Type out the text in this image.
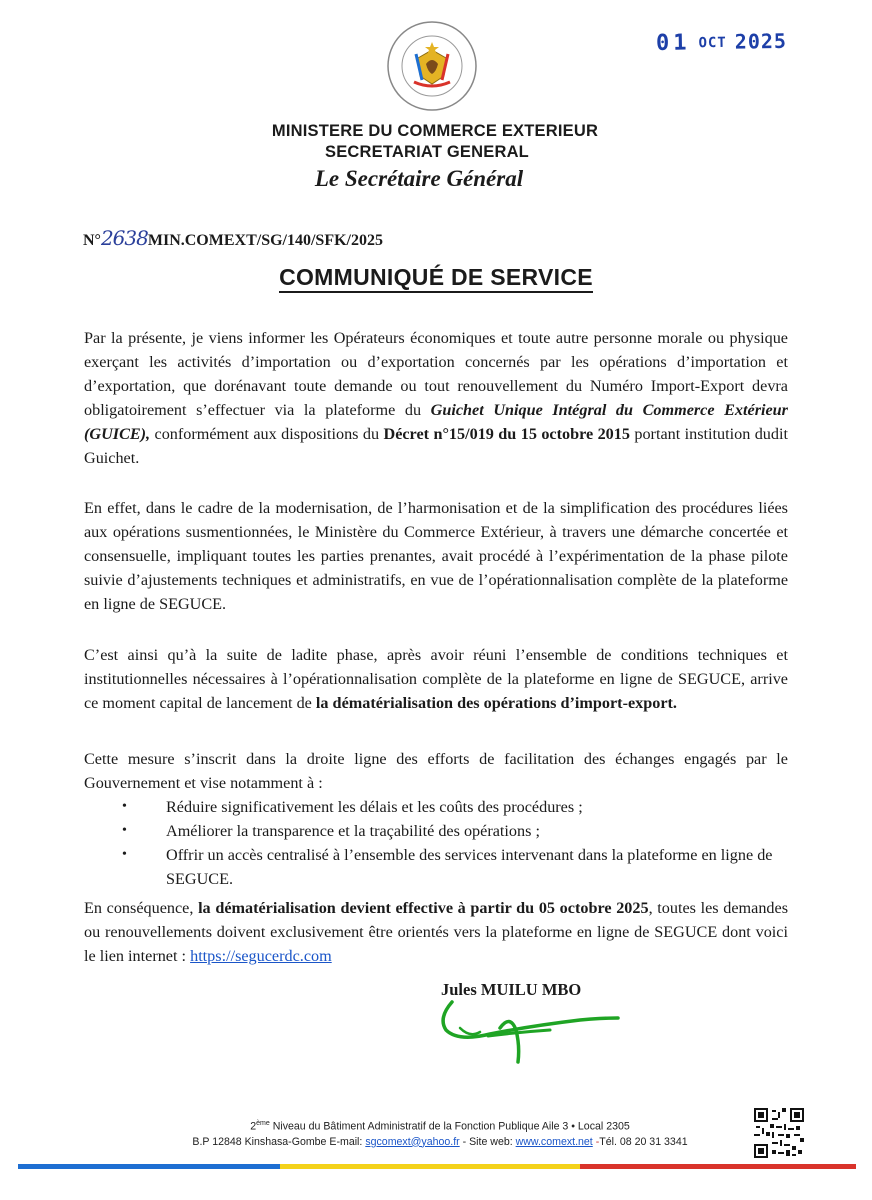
01 OCT 2025
MINISTERE DU COMMERCE EXTERIEUR
SECRETARIAT GENERAL
Le Secrétaire Général
N°2638MIN.COMEXT/SG/140/SFK/2025
COMMUNIQUÉ DE SERVICE
Par la présente, je viens informer les Opérateurs économiques et toute autre personne morale ou physique exerçant les activités d’importation ou d’exportation concernés par les opérations d’importation et d’exportation, que dorénavant toute demande ou tout renouvellement du Numéro Import-Export devra obligatoirement s’effectuer via la plateforme du Guichet Unique Intégral du Commerce Extérieur (GUICE), conformément aux dispositions du Décret n°15/019 du 15 octobre 2015 portant institution dudit Guichet.
En effet, dans le cadre de la modernisation, de l’harmonisation et de la simplification des procédures liées aux opérations susmentionnées, le Ministère du Commerce Extérieur, à travers une démarche concertée et consensuelle, impliquant toutes les parties prenantes, avait procédé à l’expérimentation de la phase pilote suivie d’ajustements techniques et administratifs, en vue de l’opérationnalisation complète de la plateforme en ligne de SEGUCE.
C’est ainsi qu’à la suite de ladite phase, après avoir réuni l’ensemble de conditions techniques et institutionnelles nécessaires à l’opérationnalisation complète de la plateforme en ligne de SEGUCE, arrive ce moment capital de lancement de la dématérialisation des opérations d’import-export.
Cette mesure s’inscrit dans la droite ligne des efforts de facilitation des échanges engagés par le Gouvernement et vise notamment à :
• Réduire significativement les délais et les coûts des procédures ;
• Améliorer la transparence et la traçabilité des opérations ;
• Offrir un accès centralisé à l’ensemble des services intervenant dans la plateforme en ligne de SEGUCE.
En conséquence, la dématérialisation devient effective à partir du 05 octobre 2025, toutes les demandes ou renouvellements doivent exclusivement être orientés vers la plateforme en ligne de SEGUCE dont voici le lien internet : https://segucerdc.com
Jules MUILU MBO
2ème Niveau du Bâtiment Administratif de la Fonction Publique Aile 3 • Local 2305
B.P 12848 Kinshasa-Gombe E-mail: sgcomext@yahoo.fr - Site web: www.comext.net -Tél. 08 20 31 3341
